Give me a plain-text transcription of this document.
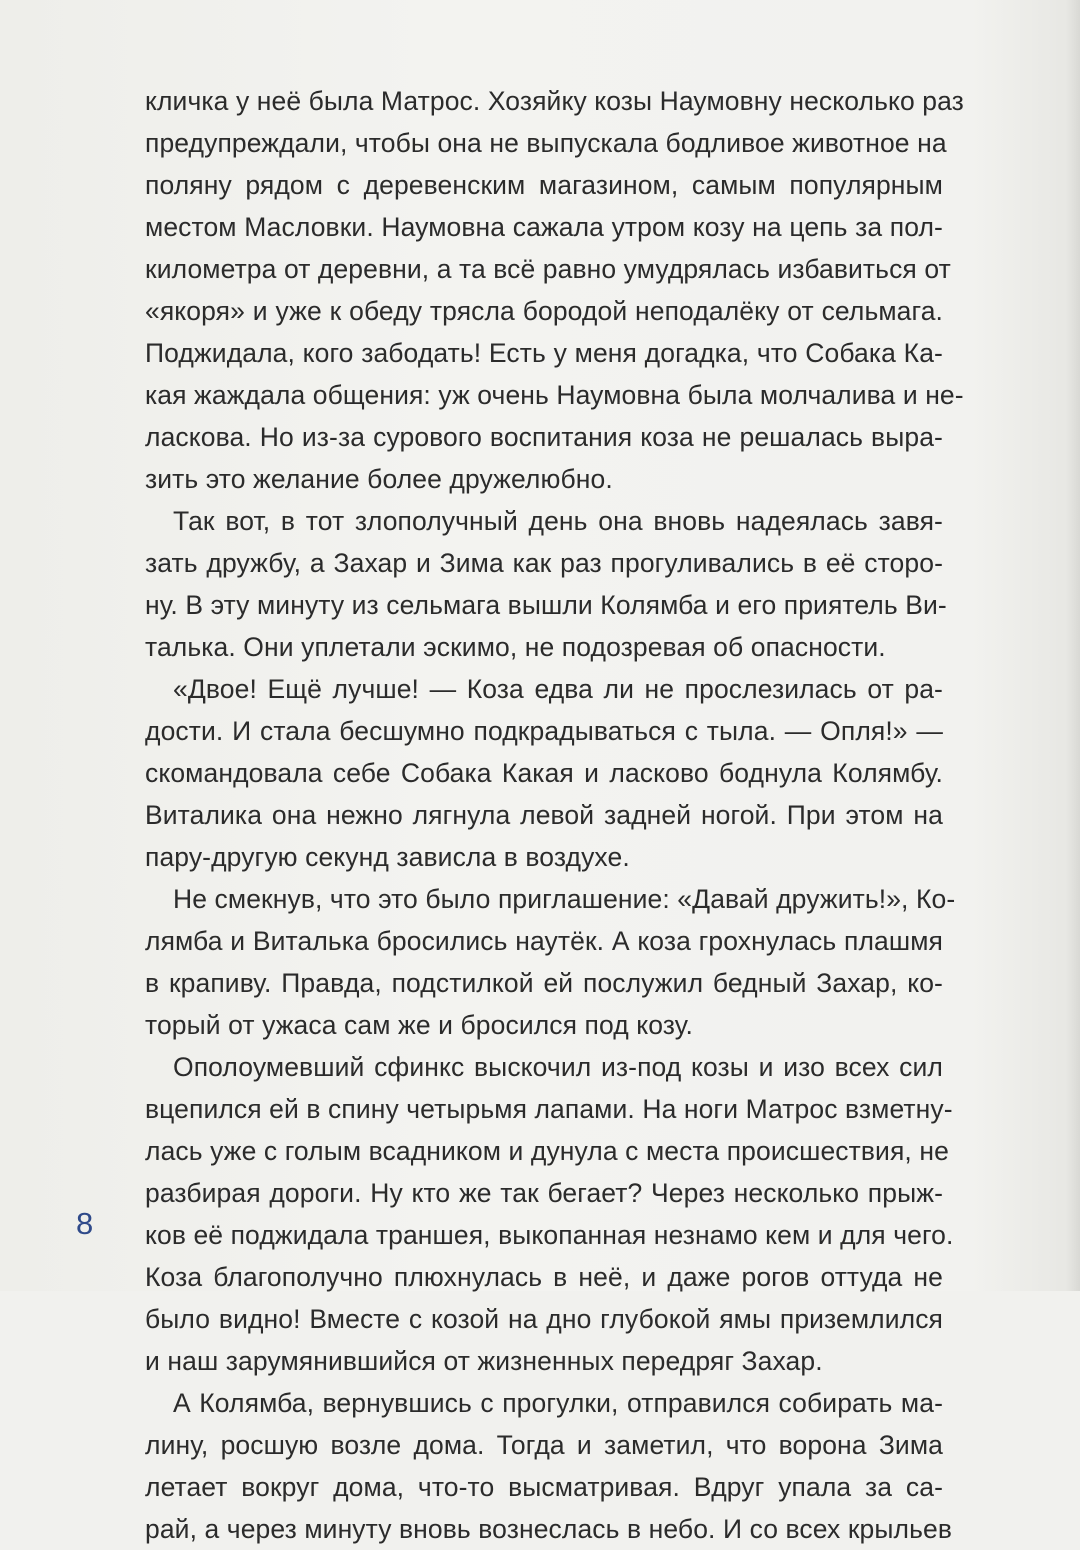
кличка у неё была Матрос. Хозяйку козы Наумовну несколько раз
предупреждали, чтобы она не выпускала бодливое животное на
поляну рядом с деревенским магазином, самым популярным
местом Масловки. Наумовна сажала утром козу на цепь за пол-
километра от деревни, а та всё равно умудрялась избавиться от
«якоря» и уже к обеду трясла бородой неподалёку от сельмага.
Поджидала, кого забодать! Есть у меня догадка, что Собака Ка-
кая жаждала общения: уж очень Наумовна была молчалива и не-
ласкова. Но из-за сурового воспитания коза не решалась выра-
зить это желание более дружелюбно.
Так вот, в тот злополучный день она вновь надеялась завя-
зать дружбу, а Захар и Зима как раз прогуливались в её сторо-
ну. В эту минуту из сельмага вышли Колямба и его приятель Ви-
талька. Они уплетали эскимо, не подозревая об опасности.
«Двое! Ещё лучше! — Коза едва ли не прослезилась от ра-
дости. И стала бесшумно подкрадываться с тыла. — Опля!» —
скомандовала себе Собака Какая и ласково боднула Колямбу.
Виталика она нежно лягнула левой задней ногой. При этом на
пару-другую секунд зависла в воздухе.
Не смекнув, что это было приглашение: «Давай дружить!», Ко-
лямба и Виталька бросились наутёк. А коза грохнулась плашмя
в крапиву. Правда, подстилкой ей послужил бедный Захар, ко-
торый от ужаса сам же и бросился под козу.
Ополоумевший сфинкс выскочил из-под козы и изо всех сил
вцепился ей в спину четырьмя лапами. На ноги Матрос взметну-
лась уже с голым всадником и дунула с места происшествия, не
разбирая дороги. Ну кто же так бегает? Через несколько прыж-
ков её поджидала траншея, выкопанная незнамо кем и для чего.
Коза благополучно плюхнулась в неё, и даже рогов оттуда не
было видно! Вместе с козой на дно глубокой ямы приземлился
и наш зарумянившийся от жизненных передряг Захар.
А Колямба, вернувшись с прогулки, отправился собирать ма-
лину, росшую возле дома. Тогда и заметил, что ворона Зима
летает вокруг дома, что-то высматривая. Вдруг упала за са-
рай, а через минуту вновь вознеслась в небо. И со всех крыльев
8
